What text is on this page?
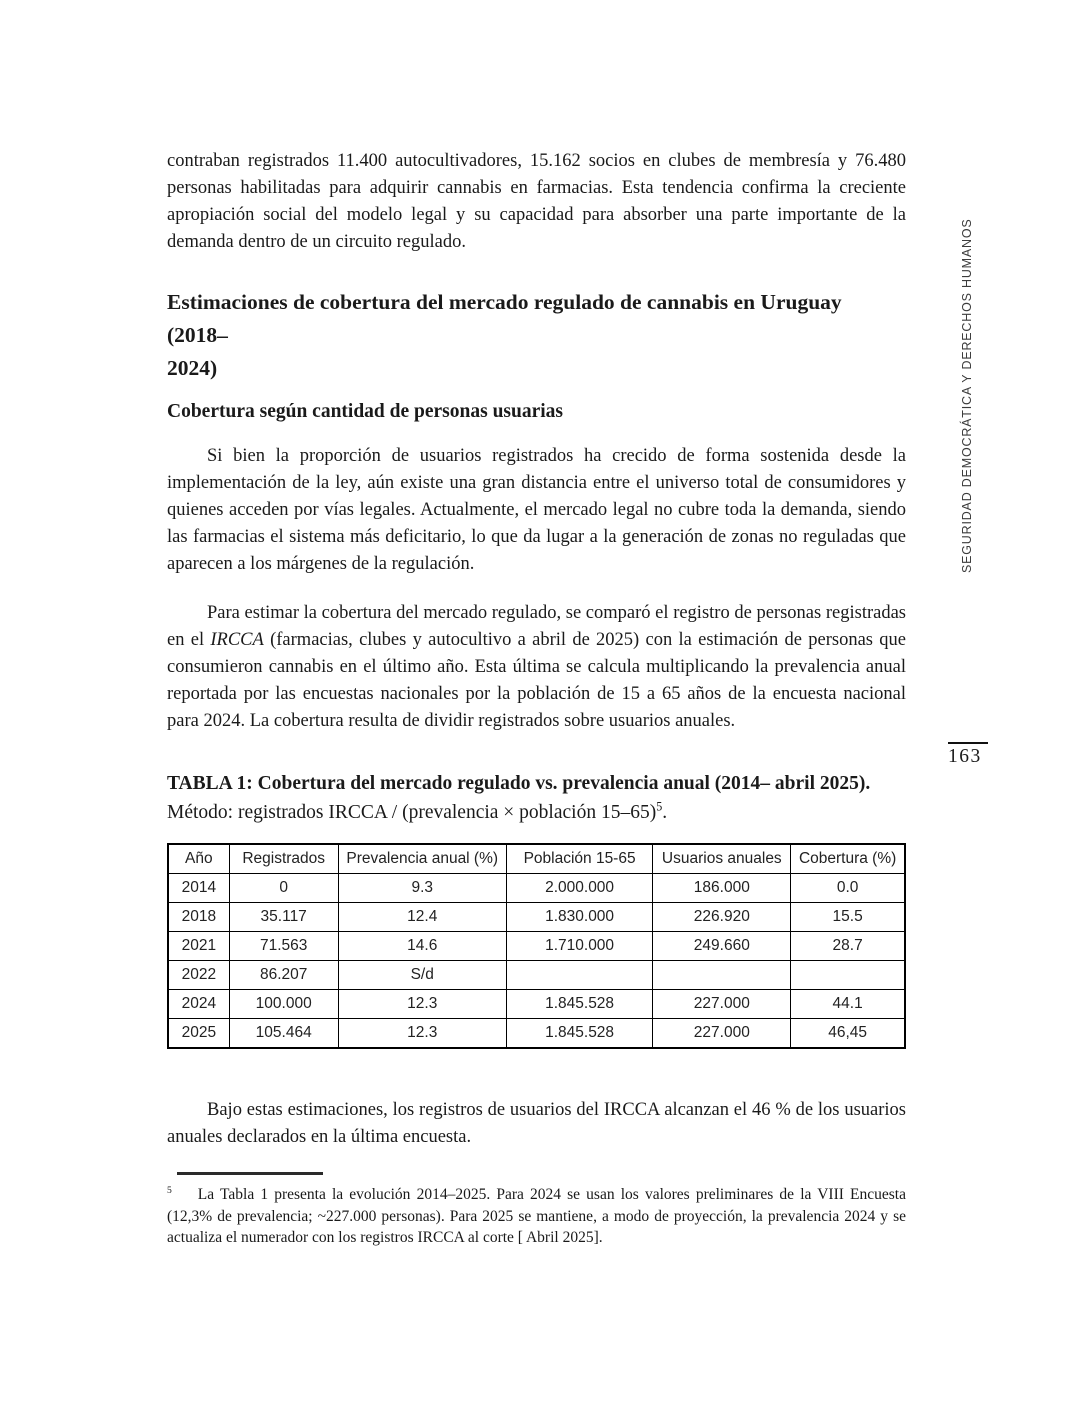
SEGURIDAD DEMOCRÁTICA Y DERECHOS HUMANOS
163

contraban registrados 11.400 autocultivadores, 15.162 socios en clubes de membresía y 76.480 personas habilitadas para adquirir cannabis en farmacias. Esta tendencia confirma la creciente apropiación social del modelo legal y su capacidad para absorber una parte importante de la demanda dentro de un circuito regulado.

Estimaciones de cobertura del mercado regulado de cannabis en Uruguay (2018–
2024)
Cobertura según cantidad de personas usuarias

Si bien la proporción de usuarios registrados ha crecido de forma sostenida desde la implementación de la ley, aún existe una gran distancia entre el universo total de consumidores y quienes acceden por vías legales. Actualmente, el mercado legal no cubre toda la demanda, siendo las farmacias el sistema más deficitario, lo que da lugar a la generación de zonas no reguladas que aparecen a los márgenes de la regulación.

Para estimar la cobertura del mercado regulado, se comparó el registro de personas registradas en el IRCCA (farmacias, clubes y autocultivo a abril de 2025) con la estimación de personas que consumieron cannabis en el último año. Esta última se calcula multiplicando la prevalencia anual reportada por las encuestas nacionales por la población de 15 a 65 años de la encuesta nacional para 2024. La cobertura resulta de dividir registrados sobre usuarios anuales.

TABLA 1: Cobertura del mercado regulado vs. prevalencia anual (2014– abril 2025).
Método: registrados IRCCA / (prevalencia × población 15–65)$^5$.
Año	Registrados	Prevalencia anual (%)	Población 15-65	Usuarios anuales	Cobertura (%)
2014	0	9.3	2.000.000	186.000	0.0
2018	35.117	12.4	1.830.000	226.920	15.5
2021	71.563	14.6	1.710.000	249.660	28.7
2022	86.207	S/d			
2024	100.000	12.3	1.845.528	227.000	44.1
2025	105.464	12.3	1.845.528	227.000	46,45

Bajo estas estimaciones, los registros de usuarios del IRCCA alcanzan el 46 % de los usuarios anuales declarados en la última encuesta.

$^5$ La Tabla 1 presenta la evolución 2014–2025. Para 2024 se usan los valores preliminares de la VIII Encuesta (12,3% de prevalencia; ~227.000 personas). Para 2025 se mantiene, a modo de proyección, la prevalencia 2024 y se actualiza el numerador con los registros IRCCA al corte [ Abril 2025].
